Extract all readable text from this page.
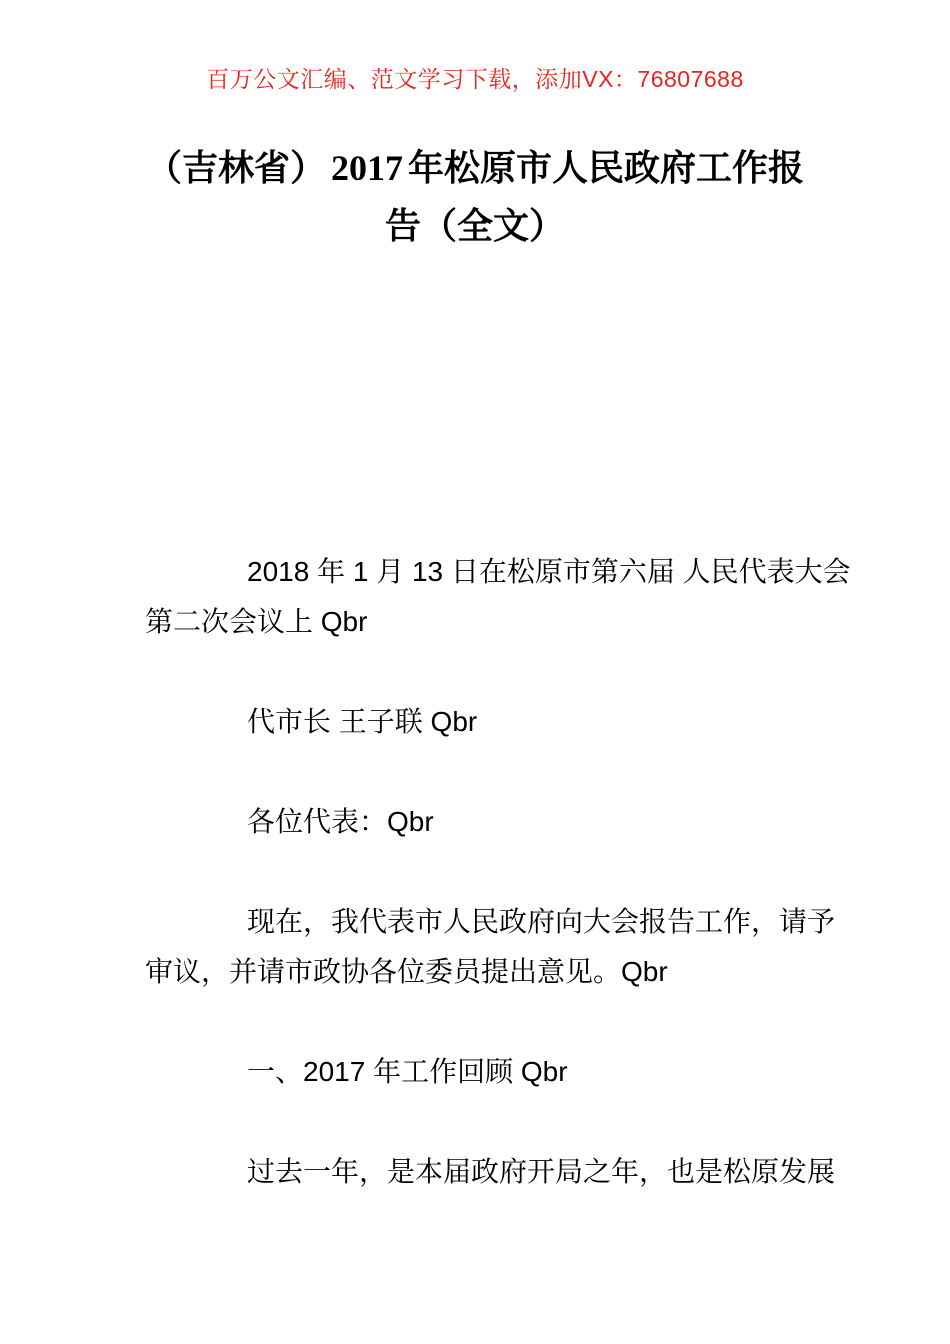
百万公文汇编、范文学习下载，添加VX：76807688
（吉林省） 2017 年松原市人民政府工作报
告（全文）

2018 年 1 月 13 日在松原市第六届 人民代表大会
第二次会议上 Qbr

代市长 王子联 Qbr

各位代表：Qbr

现在，我代表市人民政府向大会报告工作，请予
审议，并请市政协各位委员提出意见。Qbr

一、2017 年工作回顾 Qbr

过去一年，是本届政府开局之年，也是松原发展
